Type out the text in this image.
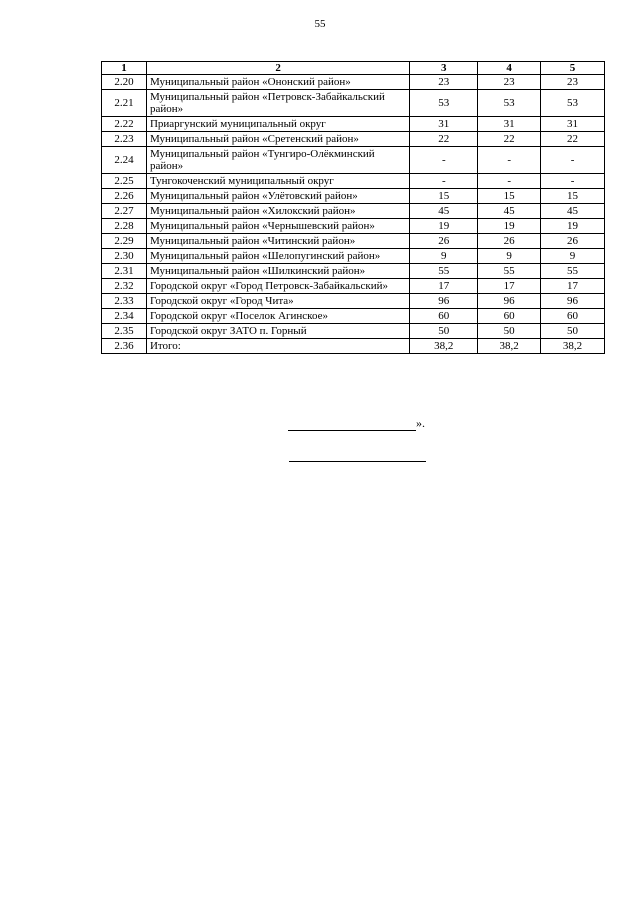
55
1	2	3	4	5
2.20	Муниципальный район «Ононский район»	23	23	23
2.21	Муниципальный район «Петровск-Забайкальский район»	53	53	53
2.22	Приаргунский муниципальный округ	31	31	31
2.23	Муниципальный район «Сретенский район»	22	22	22
2.24	Муниципальный район «Тунгиро-Олёкминский район»	-	-	-
2.25	Тунгокоченский муниципальный округ	-	-	-
2.26	Муниципальный район «Улётовский район»	15	15	15
2.27	Муниципальный район «Хилокский район»	45	45	45
2.28	Муниципальный район «Чернышевский район»	19	19	19
2.29	Муниципальный район «Читинский район»	26	26	26
2.30	Муниципальный район «Шелопугинский район»	9	9	9
2.31	Муниципальный район «Шилкинский район»	55	55	55
2.32	Городской округ «Город Петровск-Забайкальский»	17	17	17
2.33	Городской округ «Город Чита»	96	96	96
2.34	Городской округ «Поселок Агинское»	60	60	60
2.35	Городской округ ЗАТО п. Горный	50	50	50
2.36	Итого:	38,2	38,2	38,2
».
